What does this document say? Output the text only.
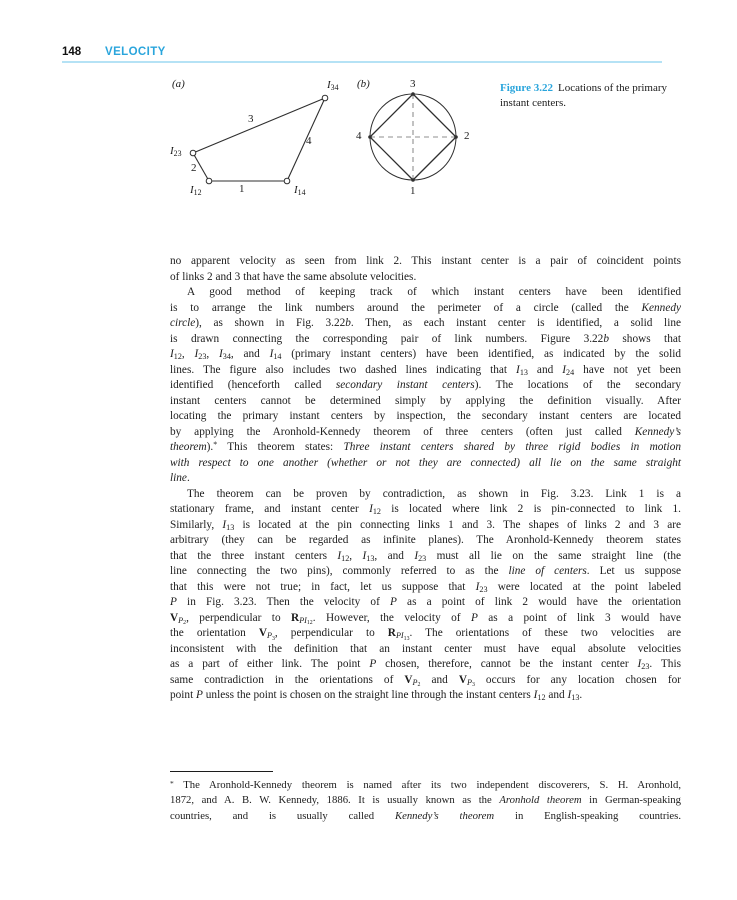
148 VELOCITY
(a)	$I_{34}$
$I_{23}$
$I_{12}$	$I_{14}$
3
4
2
1
(b)	3
2
1
4
Figure 3.22 Locations of the primary instant centers.
no apparent velocity as seen from link 2. This instant center is a pair of coincident points
of links 2 and 3 that have the same absolute velocities.
A good method of keeping track of which instant centers have been identified
is to arrange the link numbers around the perimeter of a circle (called the Kennedy
circle), as shown in Fig. 3.22b. Then, as each instant center is identified, a solid line
is drawn connecting the corresponding pair of link numbers. Figure 3.22b shows that
$I_{12}$, $I_{23}$, $I_{34}$, and $I_{14}$ (primary instant centers) have been identified, as indicated by the solid
lines. The figure also includes two dashed lines indicating that $I_{13}$ and $I_{24}$ have not yet been
identified (henceforth called secondary instant centers). The locations of the secondary
instant centers cannot be determined simply by applying the definition visually. After
locating the primary instant centers by inspection, the secondary instant centers are located
by applying the Aronhold-Kennedy theorem of three centers (often just called Kennedy’s
theorem).* This theorem states: Three instant centers shared by three rigid bodies in motion
with respect to one another (whether or not they are connected) all lie on the same straight
line.
The theorem can be proven by contradiction, as shown in Fig. 3.23. Link 1 is a
stationary frame, and instant center $I_{12}$ is located where link 2 is pin-connected to link 1.
Similarly, $I_{13}$ is located at the pin connecting links 1 and 3. The shapes of links 2 and 3 are
arbitrary (they can be regarded as infinite planes). The Aronhold-Kennedy theorem states
that the three instant centers $I_{12}$, $I_{13}$, and $I_{23}$ must all lie on the same straight line (the
line connecting the two pins), commonly referred to as the line of centers. Let us suppose
that this were not true; in fact, let us suppose that $I_{23}$ were located at the point labeled
P in Fig. 3.23. Then the velocity of P as a point of link 2 would have the orientation
$V_{P_2}$, perpendicular to $R_{PI_{12}}$. However, the velocity of P as a point of link 3 would have
the orientation $V_{P_3}$, perpendicular to $R_{PI_{13}}$. The orientations of these two velocities are
inconsistent with the definition that an instant center must have equal absolute velocities
as a part of either link. The point P chosen, therefore, cannot be the instant center $I_{23}$. This
same contradiction in the orientations of $V_{P_2}$ and $V_{P_3}$ occurs for any location chosen for
point P unless the point is chosen on the straight line through the instant centers $I_{12}$ and $I_{13}$.
* The Aronhold-Kennedy theorem is named after its two independent discoverers, S. H. Aronhold,
1872, and A. B. W. Kennedy, 1886. It is usually known as the Aronhold theorem in German-speaking
countries, and is usually called Kennedy’s theorem in English-speaking countries.
